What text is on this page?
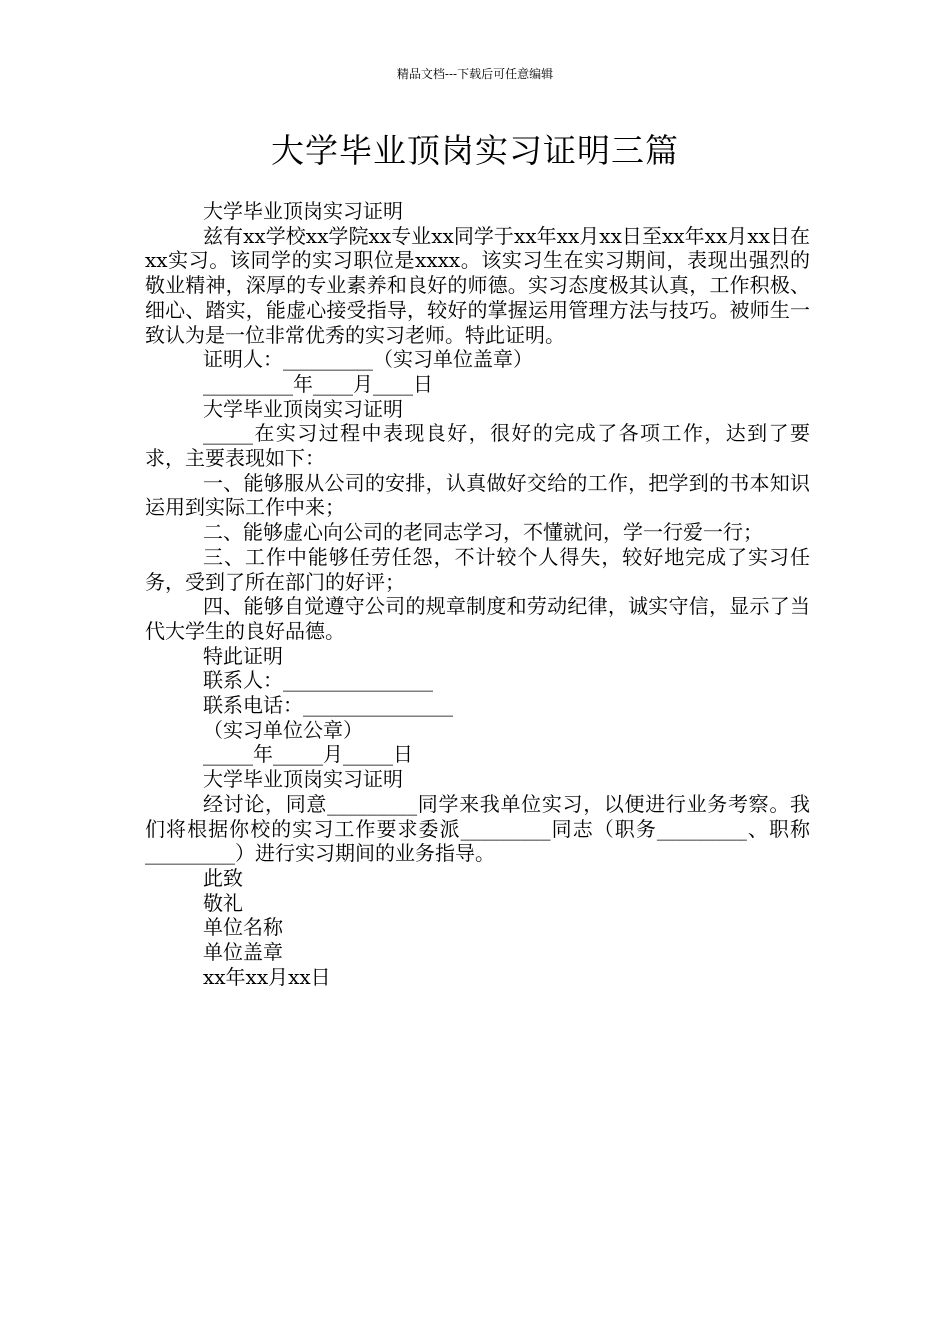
精品文档---下载后可任意编辑
大学毕业顶岗实习证明三篇

大学毕业顶岗实习证明

兹有xx学校xx学院xx专业xx同学于xx年xx月xx日至xx年xx月xx日在xx实习。该同学的实习职位是xxxx。该实习生在实习期间，表现出强烈的敬业精神，深厚的专业素养和良好的师德。实习态度极其认真，工作积极、细心、踏实，能虚心接受指导，较好的掌握运用管理方法与技巧。被师生一致认为是一位非常优秀的实习老师。特此证明。

证明人：_________（实习单位盖章）

_________年____月____日

大学毕业顶岗实习证明

_____在实习过程中表现良好，很好的完成了各项工作，达到了要求，主要表现如下：

一、能够服从公司的安排，认真做好交给的工作，把学到的书本知识运用到实际工作中来；

二、能够虚心向公司的老同志学习，不懂就问，学一行爱一行；

三、工作中能够任劳任怨，不计较个人得失，较好地完成了实习任务，受到了所在部门的好评；

四、能够自觉遵守公司的规章制度和劳动纪律，诚实守信，显示了当代大学生的良好品德。

特此证明

联系人：_______________

联系电话：_______________

（实习单位公章）

_____年_____月_____日

大学毕业顶岗实习证明

经讨论，同意_________同学来我单位实习，以便进行业务考察。我们将根据你校的实习工作要求委派_________同志（职务_________、职称_________）进行实习期间的业务指导。

此致

敬礼

单位名称

单位盖章

xx年xx月xx日
